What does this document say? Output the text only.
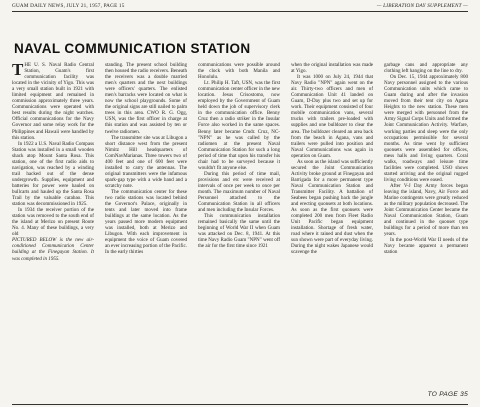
GUAM DAILY NEWS, JULY 21, 1957, PAGE 15	— LIBERATION DAY SUPPLEMENT —
NAVAL COMMUNICATION STATION

THE U. S. Naval Radio Central Station, Guam's first communication facility was located in the vicinity of Yigo. This was a very small station built in 1921 with limited equipment and remained in commission approximately three years. Communications were operated with best results during the night watches. Official communications for the Navy Governor and some relay work for the Philippines and Hawaii were handled by this station.

In 1922 a U.S. Naval Radio Compass Station was installed in a small wooden shack atop Mount Santa Rosa. This station, one of the first radio aids to navigation, was reached by a winding trail hacked out of the dense undergrowth. Supplies, equipment and batteries for power were hauled on bullcarts and hauled up the Santa Rosa Trail by the valuable carabao. This station was decommissioned in 1925.

In 1934 the receiver portion of the station was removed to the south end of the island at Merizo on present Route No. 4. Many of these buildings, a very old

PICTURED BELOW is the new air-conditioned Communication Center building at the Finegayan Station. It was completed in 1955.

standing. The present school building then housed the radio receivers. Beneath the receivers was a double married men's quarters and the next buildings were officers' quarters. The enlisted men's barracks were located on what is now the school playgrounds. Some of the original signs are still nailed to palm trees in this area. CWO R. G. Ogg, USN, was the first officer in charge at this station and was assisted by ten or twelve radiomen.

The transmitter site was at Libugon a short distance west from the present Nimitz Hill headquarters of ComNavMarianas. Three towers two of 400 feet and one of 600 feet were installed to carry the antennas. The original transmitters were the infamous spark-gap type with a wide band and a scratchy note.

The communication center for these two radio stations was located behind the Governor's Palace, originally in tents and later moved into frame buildings at the same location. As the years passed more modern equipment was installed, both at Merizo and Libugon. With each improvement in equipment the voice of Guam covered an ever increasing portion of the Pacific. In the early thirties

communications were possible around the clock with both Manila and Honolulu.

Lt. Philip H. Taft, USN, was the first communication center officer in the new location. Jesus Crisostomo, now employed by the Government of Guam held down the job of supervisory clerk in the communication office. Benny Cruz then a radio striker in the Insular Force also worked in the same spaces. Benny later became Cmdr. Cruz, NC-"NPN" as he was called by the radiomen at the present Naval Communication Station for such a long period of time that upon his transfer his chair had to be surveyed because it wouldn't fit anyone else.

During this period of time mail, provisions and etc were received at intervals of once per week to once per month. The maximum number of Naval Personnel attached to the Communication Station in all officers and men including the Insular Forces.

This communication installation remained basically the same until the beginning of World War II when Guam was attacked on Dec. 8, 1941. At this time Navy Radio Guam "NPN" went off the air for the first time since 1921

when the original installation was made at Yigo.

It was 1000 on July 24, 1944 that Navy Radio "NPN" again went on the air. Thirty-two officers and men of Communication Unit 41 landed on Guam, D-Day plus two and set up for work. Their equipment consisted of four mobile communication vans, several trucks with trailers pre-loaded with supplies and one bulldozer to clear the area. The bulldozer cleared an area back from the beach in Agana, vans and trailers were pulled into position and Naval Communications was again in operation on Guam.

As soon as the island was sufficiently secured the Joint Communication Activity broke ground at Finegayan and Barrigada for a more permanent type Naval Communication Station and Transmitter Facility. A battalion of Seabees began pushing back the jungle and erecting quonsets at both locations. As soon as the first quonsets were completed 200 men from Fleet Radio Unit Pacific began equipment installation. Shortage of fresh water, road where it rained and dust when the sun shown were part of everyday living. During the night wakes Japanese would scavenge the

garbage cans and appropriate any clothing left hanging on the line to dry.

On Dec. 15, 1944 approximately 800 Navy personnel assigned to the various Communication units which came to Guam during and after the invasion moved from their tent city on Agana Heights to the new station. These men were merged with personnel from the Army Signal Corps Units and formed the Joint Communication Activity. Warfare, working parties and sleep were the only occupations permissible for several months. As time went by sufficient quonsets were assembled for offices, mess halls and living quarters. Coral walks, roadways and leisure time facilities were completed. USO shows started arriving and the original rugged living conditions were eased.

After V-J Day Army forces began leaving the island, Navy, Air Force and Marine contingents were greatly reduced as the military population decreased. The Joint Communication Center became the Naval Communication Station, Guam and continued in the quonset type buildings for a period of more than ten years.

In the post-World War II needs of the Navy became apparent a permanent station

TO PAGE 35
